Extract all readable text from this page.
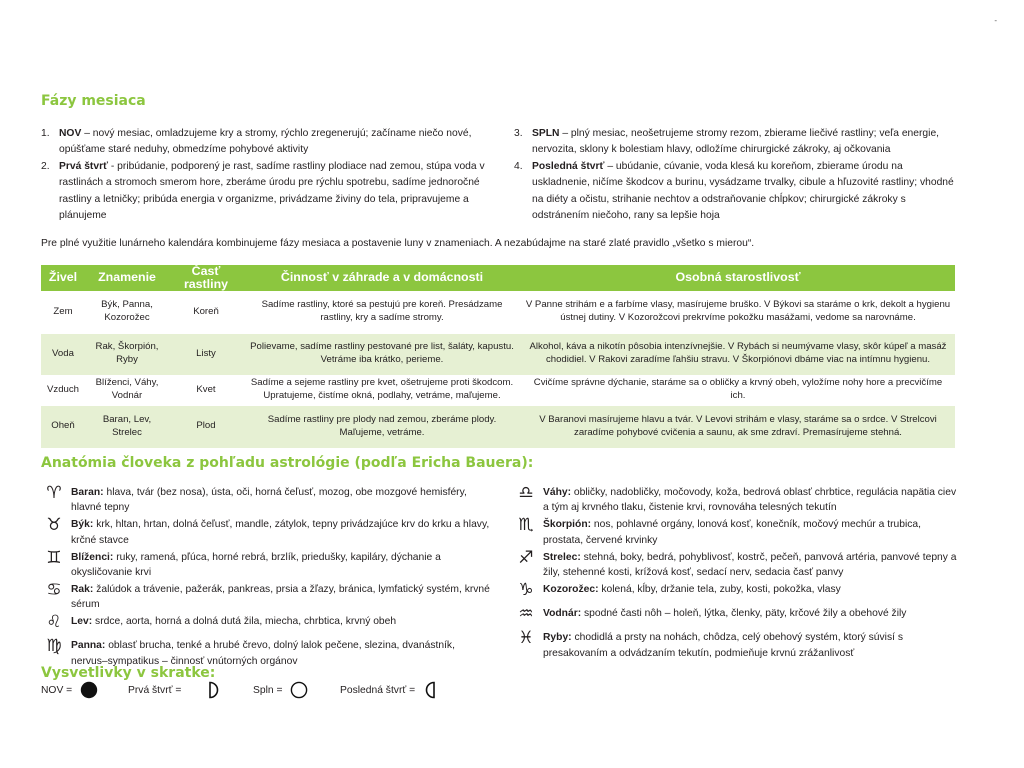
-
Fázy mesiaca
1. NOV – nový mesiac, omladzujeme kry a stromy, rýchlo zregenerujú; začíname niečo nové, opúšťame staré neduhy, obmedzíme pohybové aktivity
2. Prvá štvrť - pribúdanie, podporený je rast, sadíme rastliny plodiace nad zemou, stúpa voda v rastlinách a stromoch smerom hore, zberáme úrodu pre rýchlu spotrebu, sadíme jednoročné rastliny a letničky; pribúda energia v organizme, privádzame živiny do tela, pripravujeme a plánujeme
3. SPLN – plný mesiac, neošetrujeme stromy rezom, zbierame liečivé rastliny; veľa energie, nervozita, sklony k bolestiam hlavy, odložíme chirurgické zákroky, aj očkovania
4. Posledná štvrť – ubúdanie, cúvanie, voda klesá ku koreňom, zbierame úrodu na uskladnenie, ničíme škodcov a burinu, vysádzame trvalky, cibule a hľuzovité rastliny; vhodné na diéty a očistu, strihanie nechtov a odstraňovanie chĺpkov; chirurgické zákroky s odstránením niečoho, rany sa lepšie hoja
Pre plné využitie lunárneho kalendára kombinujeme fázy mesiaca a postavenie luny v znameniach. A nezabúdajme na staré zlaté pravidlo „všetko s mierou“.
Živel	Znamenie	Časť rastliny	Činnosť v záhrade a v domácnosti	Osobná starostlivosť
Zem	Býk, Panna, Kozorožec	Koreň	Sadíme rastliny, ktoré sa pestujú pre koreň. Presádzame rastliny, kry a sadíme stromy.	V Panne strihám e a farbíme vlasy, masírujeme bruško. V Býkovi sa staráme o krk, dekolt a hygienu ústnej dutiny. V Kozorožcovi prekrvíme pokožku masážami, vedome sa narovnáme.
Voda	Rak, Škorpión, Ryby	Listy	Polievame, sadíme rastliny pestované pre list, šaláty, kapustu. Vetráme iba krátko, perieme.	Alkohol, káva a nikotín pôsobia intenzívnejšie. V Rybách si neumývame vlasy, skôr kúpeľ a masáž chodidiel. V Rakovi zaradíme ľahšiu stravu. V Škorpiónovi dbáme viac na intímnu hygienu.
Vzduch	Blíženci, Váhy, Vodnár	Kvet	Sadíme a sejeme rastliny pre kvet, ošetrujeme proti škodcom. Upratujeme, čistíme okná, podlahy, vetráme, maľujeme.	Cvičíme správne dýchanie, staráme sa o obličky a krvný obeh, vyložíme nohy hore a precvičíme ich.
Oheň	Baran, Lev, Strelec	Plod	Sadíme rastliny pre plody nad zemou, zberáme plody. Maľujeme, vetráme.	V Baranovi masírujeme hlavu a tvár. V Levovi strihám e vlasy, staráme sa o srdce. V Strelcovi zaradíme pohybové cvičenia a saunu, ak sme zdraví. Premasírujeme stehná.
Anatómia človeka z pohľadu astrológie (podľa Ericha Bauera):
♈ Baran: hlava, tvár (bez nosa), ústa, oči, horná čeľusť, mozog, obe mozgové hemisféry, hlavné tepny
♉ Býk: krk, hltan, hrtan, dolná čeľusť, mandle, zátylok, tepny privádzajúce krv do krku a hlavy, krčné stavce
♊ Blíženci: ruky, ramená, pľúca, horné rebrá, brzlík, priedušky, kapiláry, dýchanie a okysličovanie krvi
♋ Rak: žalúdok a trávenie, pažerák, pankreas, prsia a žľazy, bránica, lymfatický systém, krvné sérum
♌ Lev: srdce, aorta, horná a dolná dutá žila, miecha, chrbtica, krvný obeh
♍ Panna: oblasť brucha, tenké a hrubé črevo, dolný lalok pečene, slezina, dvanástník, nervus–sympatikus – činnosť vnútorných orgánov
♎ Váhy: obličky, nadobličky, močovody, koža, bedrová oblasť chrbtice, regulácia napätia ciev a tým aj krvného tlaku, čistenie krvi, rovnováha telesných tekutín
♏ Škorpión: nos, pohlavné orgány, lonová kosť, konečník, močový mechúr a trubica, prostata, červené krvinky
♐ Strelec: stehná, boky, bedrá, pohyblivosť, kostrč, pečeň, panvová artéria, panvové tepny a žily, stehenné kosti, krížová kosť, sedací nerv, sedacia časť panvy
♑ Kozorožec: kolená, kĺby, držanie tela, zuby, kosti, pokožka, vlasy
♒ Vodnár: spodné časti nôh – holeň, lýtka, členky, päty, krčové žily a obehové žily
♓ Ryby: chodidlá a prsty na nohách, chôdza, celý obehový systém, ktorý súvisí s presakovaním a odvádzaním tekutín, podmieňuje krvnú zrážanlivosť
Vysvetlivky v skratke:
NOV =	Prvá štvrť =	Spln =	Posledná štvrť =
